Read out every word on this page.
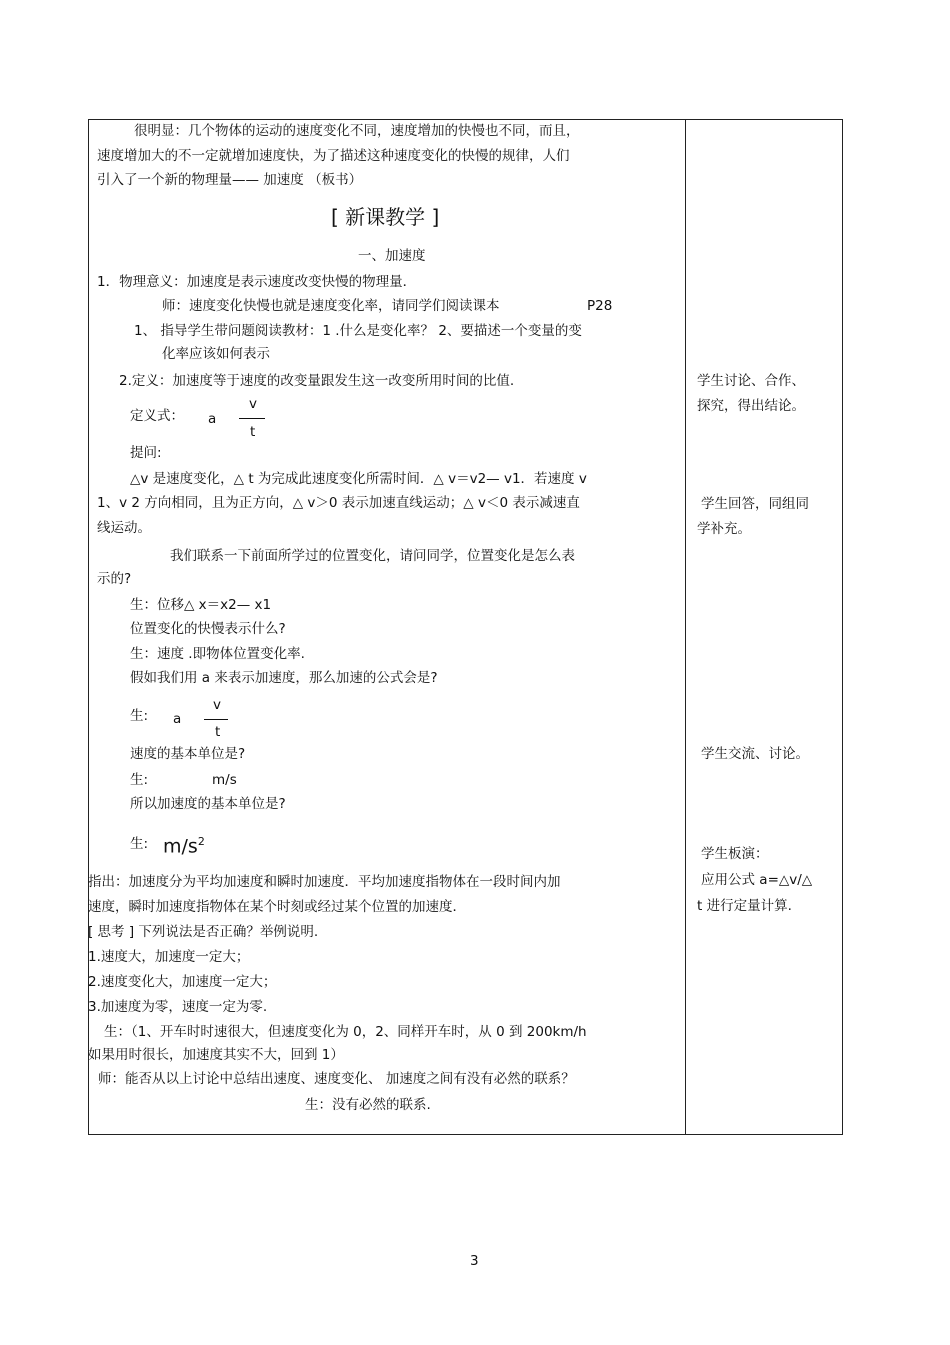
很明显：几个物体的运动的速度变化不同，速度增加的快慢也不同，而且，
速度增加大的不一定就增加速度快，为了描述这种速度变化的快慢的规律，人们
引入了一个新的物理量—— 加速度 （板书）
[ 新课教学 ]
一、加速度
1．物理意义：加速度是表示速度改变快慢的物理量．
师：速度变化快慢也就是速度变化率，请同学们阅读课本	P28
1、 指导学生带问题阅读教材：1 .什么是变化率？ 2、要描述一个变量的变
化率应该如何表示
2.定义：加速度等于速度的改变量跟发生这一改变所用时间的比值.
定义式： a
v
t
提问:
△v 是速度变化，△ t 为完成此速度变化所需时间．△ v＝v2— v1．若速度 v
1、v 2 方向相同，且为正方向，△ v＞0 表示加速直线运动；△ v＜0 表示减速直
线运动。
我们联系一下前面所学过的位置变化，请问同学，位置变化是怎么表
示的?
生：位移△ x＝x2— x1
位置变化的快慢表示什么?
生：速度 .即物体位置变化率.
假如我们用 a 来表示加速度，那么加速的公式会是?
生: a
v
t
速度的基本单位是?
生:	m/s
所以加速度的基本单位是?
生: $m/s^2$
指出：加速度分为平均加速度和瞬时加速度．平均加速度指物体在一段时间内加
速度，瞬时加速度指物体在某个时刻或经过某个位置的加速度．
[ 思考 ] 下列说法是否正确？举例说明.
1.速度大，加速度一定大；
2.速度变化大，加速度一定大；
3.加速度为零，速度一定为零.
生：（1、开车时时速很大，但速度变化为 0，2、同样开车时，从 0 到 200km/h
如果用时很长，加速度其实不大，回到 1）
师：能否从以上讨论中总结出速度、速度变化、 加速度之间有没有必然的联系？
生：没有必然的联系.
学生讨论、合作、
探究，得出结论。
学生回答，同组同
学补充。
学生交流、讨论。
学生板演：
应用公式 a=△v/△
t 进行定量计算.
3
